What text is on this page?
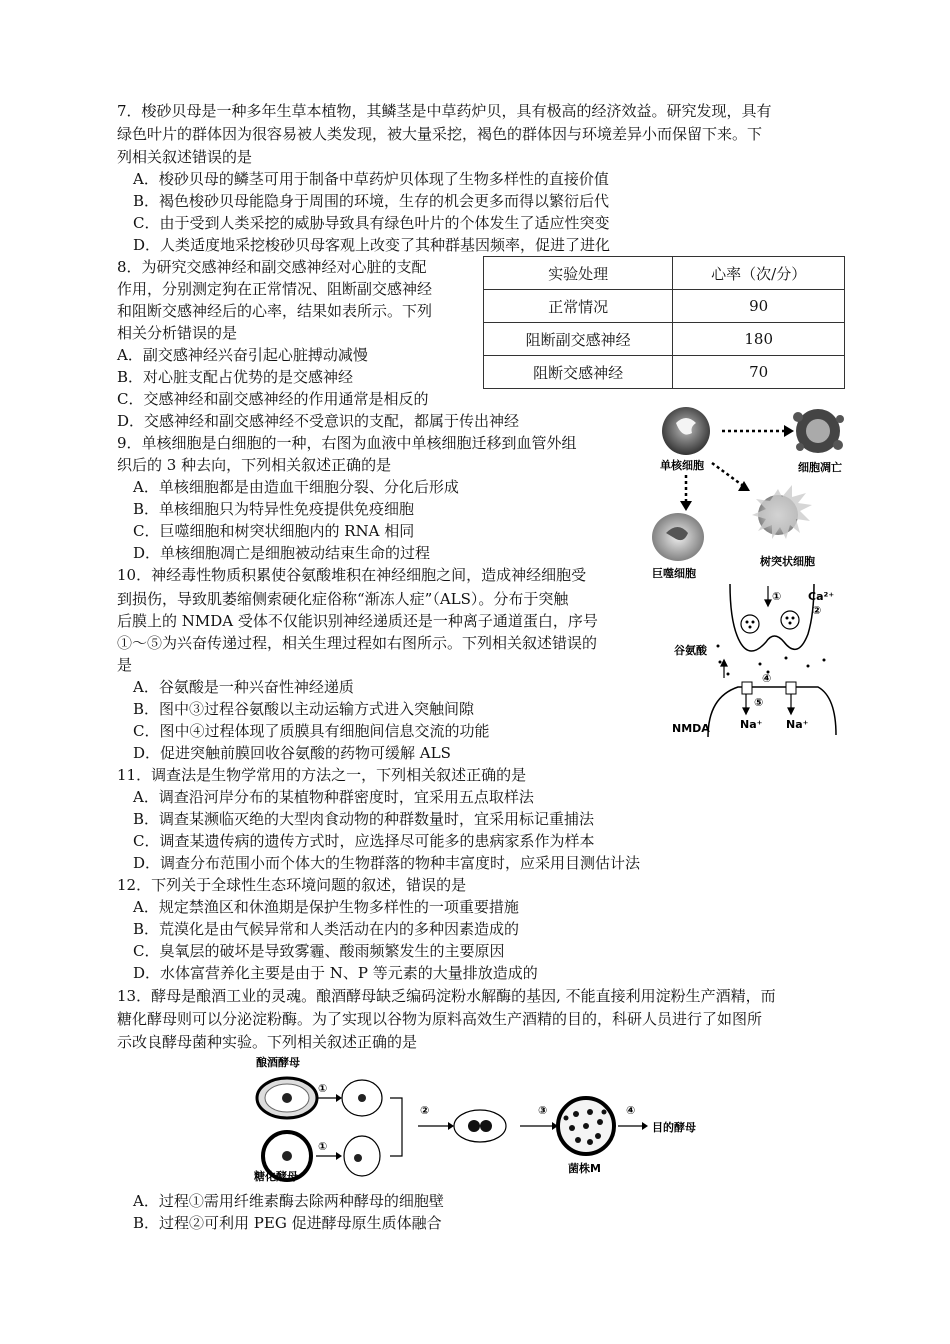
7．梭砂贝母是一种多年生草本植物，其鳞茎是中草药炉贝，具有极高的经济效益。研究发现，具有
绿色叶片的群体因为很容易被人类发现，被大量采挖，褐色的群体因与环境差异小而保留下来。下
列相关叙述错误的是
A．梭砂贝母的鳞茎可用于制备中草药炉贝体现了生物多样性的直接价值
B．褐色梭砂贝母能隐身于周围的环境，生存的机会更多而得以繁衍后代
C．由于受到人类采挖的威胁导致具有绿色叶片的个体发生了适应性突变
D．人类适度地采挖梭砂贝母客观上改变了其种群基因频率，促进了进化
8．为研究交感神经和副交感神经对心脏的支配
作用，分别测定狗在正常情况、阻断副交感神经
和阻断交感神经后的心率，结果如表所示。下列
相关分析错误的是
A．副交感神经兴奋引起心脏搏动减慢
B．对心脏支配占优势的是交感神经
C．交感神经和副交感神经的作用通常是相反的
D．交感神经和副交感神经不受意识的支配，都属于传出神经
实验处理	心率（次/分）
正常情况	90
阻断副交感神经	180
阻断交感神经	70
9．单核细胞是白细胞的一种，右图为血液中单核细胞迁移到血管外组
织后的 3 种去向，下列相关叙述正确的是
A．单核细胞都是由造血干细胞分裂、分化后形成
B．单核细胞只为特异性免疫提供免疫细胞
C．巨噬细胞和树突状细胞内的 RNA 相同
D．单核细胞凋亡是细胞被动结束生命的过程
单核细胞	细胞凋亡
巨噬细胞
树突状细胞
10．神经毒性物质积累使谷氨酸堆积在神经细胞之间，造成神经细胞受
到损伤，导致肌萎缩侧索硬化症俗称“渐冻人症”（ALS）。分布于突触
后膜上的 NMDA 受体不仅能识别神经递质还是一种离子通道蛋白，序号
①～⑤为兴奋传递过程，相关生理过程如右图所示。下列相关叙述错误的
是
A．谷氨酸是一种兴奋性神经递质
B．图中③过程谷氨酸以主动运输方式进入突触间隙
C．图中④过程体现了质膜具有细胞间信息交流的功能
D．促进突触前膜回收谷氨酸的药物可缓解 ALS
谷氨酸
Ca²⁺
①
②
④
⑤
NMDA	Na⁺ Na⁺
11．调查法是生物学常用的方法之一，下列相关叙述正确的是
A．调查沿河岸分布的某植物种群密度时，宜采用五点取样法
B．调查某濒临灭绝的大型肉食动物的种群数量时，宜采用标记重捕法
C．调查某遗传病的遗传方式时，应选择尽可能多的患病家系作为样本
D．调查分布范围小而个体大的生物群落的物种丰富度时，应采用目测估计法
12．下列关于全球性生态环境问题的叙述，错误的是
A．规定禁渔区和休渔期是保护生物多样性的一项重要措施
B．荒漠化是由气候异常和人类活动在内的多种因素造成的
C．臭氧层的破坏是导致雾霾、酸雨频繁发生的主要原因
D．水体富营养化主要是由于 N、P 等元素的大量排放造成的
13．酵母是酿酒工业的灵魂。酿酒酵母缺乏编码淀粉水解酶的基因, 不能直接利用淀粉生产酒精，而
糖化酵母则可以分泌淀粉酶。为了实现以谷物为原料高效生产酒精的目的，科研人员进行了如图所
示改良酵母菌种实验。下列相关叙述正确的是
酿酒酵母
①
糖化酵母
①
②	③
菌株M
④
目的酵母
A．过程①需用纤维素酶去除两种酵母的细胞壁
B．过程②可利用 PEG 促进酵母原生质体融合
